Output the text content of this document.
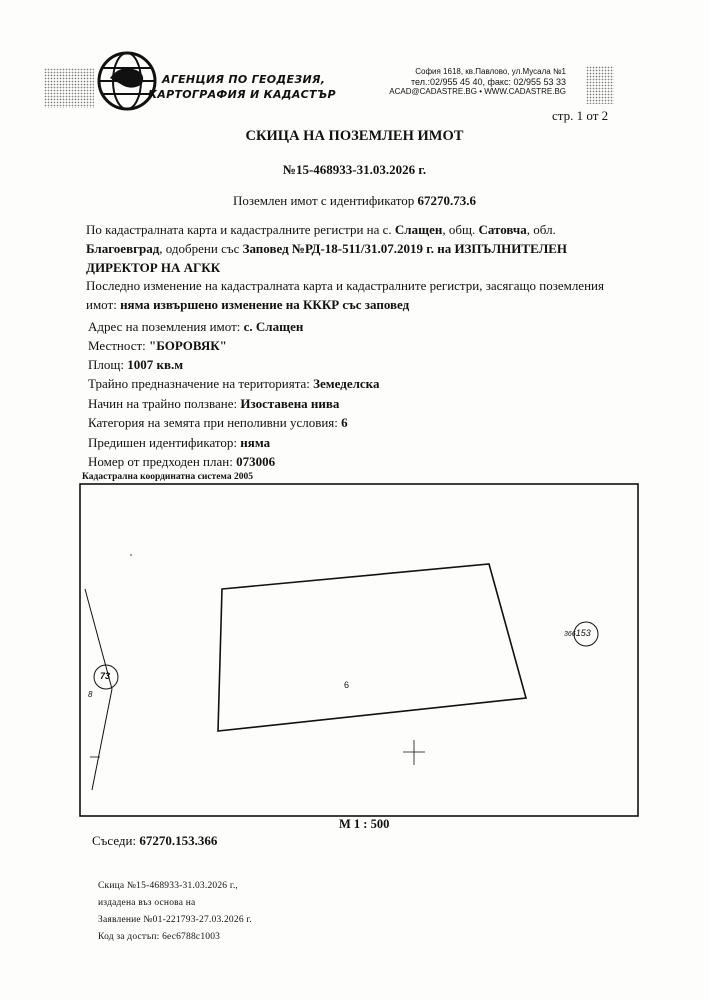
АГЕНЦИЯ ПО ГЕОДЕЗИЯ,
КАРТОГРАФИЯ И КАДАСТЪР
София 1618, кв.Павлово, ул.Мусала №1
тел.:02/955 45 40, факс: 02/955 53 33
ACAD@CADASTRE.BG • WWW.CADASTRE.BG
стр. 1 от 2
СКИЦА НА ПОЗЕМЛЕН ИМОТ
№15-468933-31.03.2026 г.
Поземлен имот с идентификатор 67270.73.6
По кадастралната карта и кадастралните регистри на с. Слащен, общ. Сатовча, обл.
Благоевград, одобрени със Заповед №РД-18-511/31.07.2019 г. на ИЗПЪЛНИТЕЛЕН
ДИРЕКТОР НА АГКК
Последно изменение на кадастралната карта и кадастралните регистри, засягащо поземления
имот: няма извършено изменение на КККР със заповед
Адрес на поземления имот: с. Слащен
Местност: "БОРОВЯК"
Площ: 1007 кв.м
Трайно предназначение на територията: Земеделска
Начин на трайно ползване: Изоставена нива
Категория на земята при неполивни условия: 6
Предишен идентификатор: няма
Номер от предходен план: 073006
Кадастрална координатна система 2005
6
366153
73
8
М 1 : 500
Съседи: 67270.153.366
Скица №15-468933-31.03.2026 г.,
издадена въз основа на
Заявление №01-221793-27.03.2026 г.
Код за достъп: 6ес6788с1003
